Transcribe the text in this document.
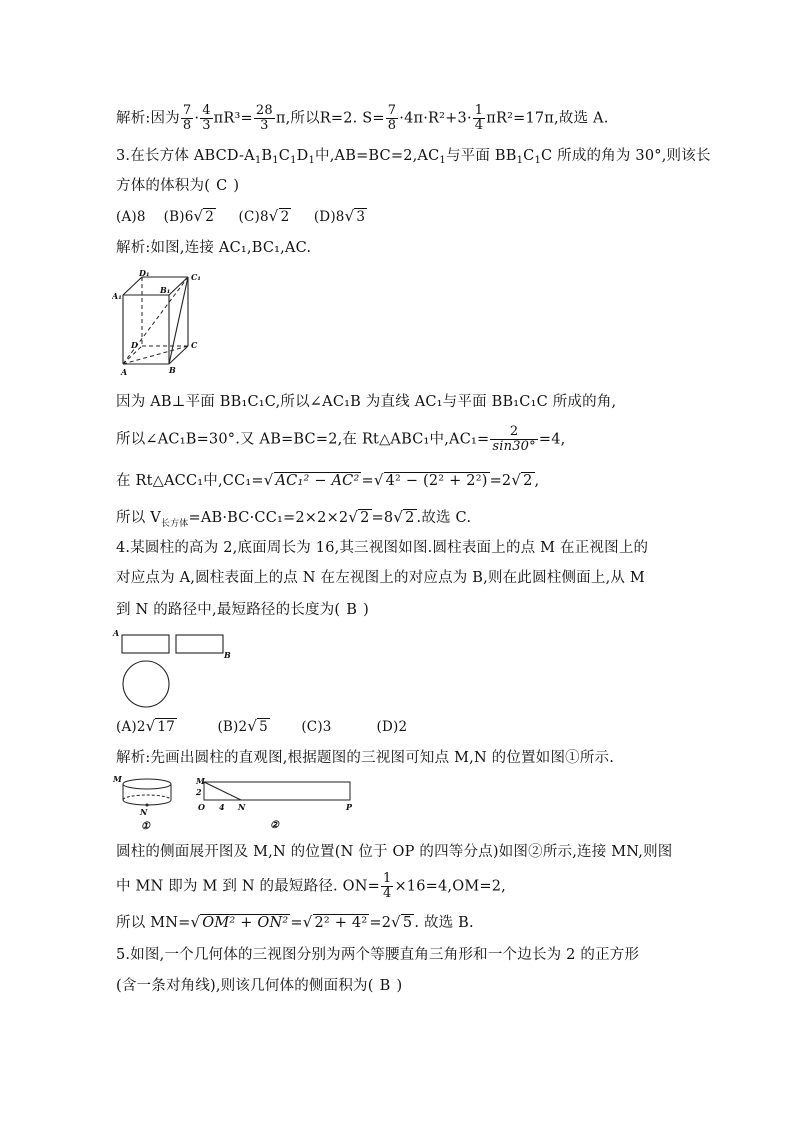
解析:因为 $\frac{7}{8} \cdot \frac{4}{3} \pi R^3= \frac{28}{3} \pi$,所以R=2. $S= \frac{7}{8} \cdot 4\pi\cdot R^2+3\cdot \frac{1}{4} \pi R^2=17\pi$,故选 A.
3.在长方体 ABCD-$A_1B_1C_1D_1$中$,AB=BC=2,AC_1$与平面 $BB_1C_1C$ 所成的角为 30°,则该长
方体的体积为( C )
(A)8 (B)6√ 2 (C)8√ 2 (D)8√ 3
解析:如图,连接 AC₁,BC₁,AC.
D₁	C₁
A₁
B₁
D	C
A	B
因为 AB⊥平面 BB₁C₁C,所以∠AC₁B 为直线 AC₁与平面 BB₁C₁C 所成的角,
所以∠AC₁B=30°.又 AB=BC=2,在 Rt△ABC₁中$,AC_1= \frac{2}{\sin 30^\circ} =4$,
在 Rt△ACC₁中,CC₁=√ AC₁² − AC² =√ 4² − (2² + 2²) =2√ 2 ,
所以 $V_{长方体}=AB\cdot BC\cdot CC_1=2\times 2\times 2√$ 2 =8√ 2 .故选 C.
4.某圆柱的高为 2,底面周长为 16,其三视图如图.圆柱表面上的点 M 在正视图上的
对应点为 A,圆柱表面上的点 N 在左视图上的对应点为 B,则在此圆柱侧面上,从 M
到 N 的路径中,最短路径的长度为( B )
A
B
(A)2√ 17	(B)2√ 5 (C)3	(D)2
解析:先画出圆柱的直观图,根据题图的三视图可知点 M,N 的位置如图①所示.
M
N
①
M
2
O 4 N	P
②
圆柱的侧面展开图及 M,N 的位置(N 位于 OP 的四等分点)如图②所示,连接 MN,则图
中 MN 即为 M 到 N 的最短路径. $ON= \frac{1}{4} \times 16=4,OM=2$,
所以 MN=√ OM² + ON² =√ 2² + 4² =2√ 5 . 故选 B.
5.如图,一个几何体的三视图分别为两个等腰直角三角形和一个边长为 2 的正方形
(含一条对角线),则该几何体的侧面积为( B )
